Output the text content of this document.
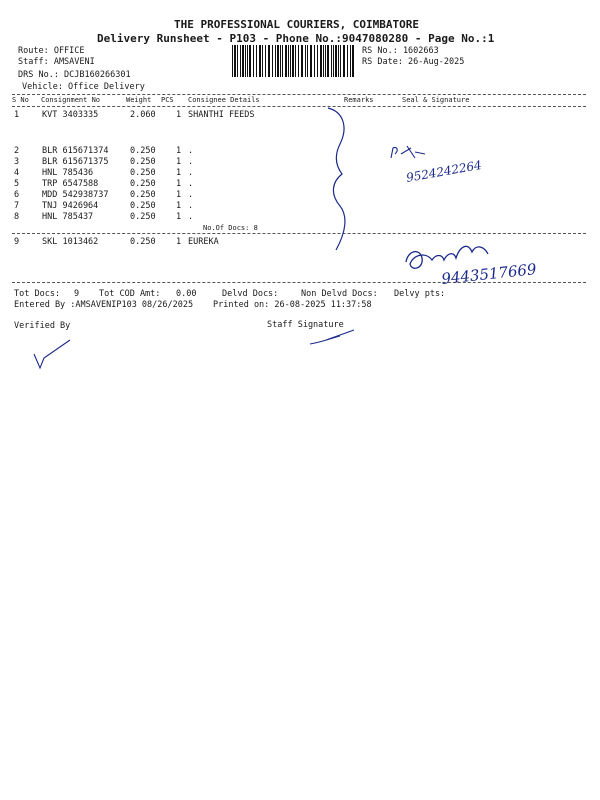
THE PROFESSIONAL COURIERS, COIMBATORE
Delivery Runsheet - P103 - Phone No.:9047080280 - Page No.:1
Route: OFFICE
Staff: AMSAVENI
DRS No.: DCJB160266301
Vehicle: Office Delivery
RS No.: 1602663
RS Date: 26-Aug-2025
S No Consignment No	Weight PCS Consignee Details	Remarks	Seal & Signature
1	KVT 3403335	2.060 1 SHANTHI FEEDS
2	BLR 615671374	0.250 1 .
3	BLR 615671375	0.250 1 .
4	HNL 785436	0.250 1 .
5	TRP 6547588	0.250 1 .
6	MDD 542938737	0.250 1 .
7	TNJ 9426964	0.250 1 .
8	HNL 785437	0.250 1 .
9	SKL 1013462	0.250 1 EUREKA
No.Of Docs: 8
Tot Docs: 9 Tot COD Amt: 0.00	Delvd Docs:	Non Delvd Docs: Delvy pts:
Entered By :AMSAVENIP103 08/26/2025 Printed on: 26-08-2025 11:37:58
Verified By	Staff Signature
9524242264
9443517669
